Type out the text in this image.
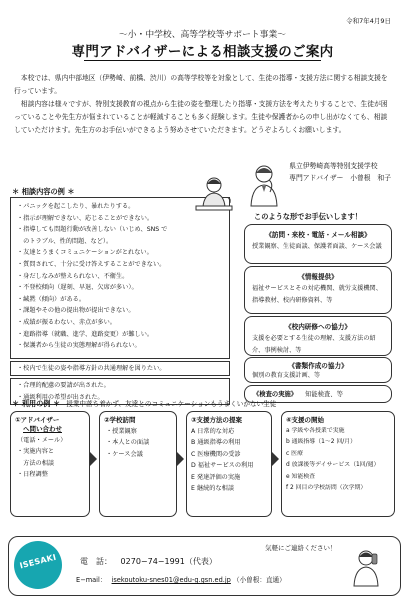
令和7年4月9日
〜小・中学校、高等学校等サポート事業〜
専門アドバイザーによる相談支援のご案内
本校では、県内中部地区（伊勢崎、前橋、渋川）の高等学校等を対象として、生徒の指導・支援方法に関する相談支援を行っています。
相談内容は様々ですが、特別支援教育の視点から生徒の姿を整理したり指導・支援方法を考えたりすることで、生徒が困っていることや先生方が悩まれていることが軽減することも多く経験します。生徒や保護者からの申し出がなくても、相談していただけます。先生方のお手伝いができるよう努めさせていただきます。どうぞよろしくお願いします。
県立伊勢崎高等特別支援学校
専門アドバイザー　小曾根　和子
＊ 相談内容の例 ＊
・パニックを起こしたり、暴れたりする。
・指示が理解できない、応じることができない。
・指導しても問題行動が改善しない（いじめ、SNS で
　のトラブル、性的問題、など）。
・友達とうまくコミュニケーションがとれない。
・質問されて、十分に受け答えすることができない。
・身だしなみが整えられない、不衛生。
・不登校傾向（遅刻、早退、欠席が多い）。
・緘黙（傾向）がある。
・課題やその他の提出物が提出できない。
・成績が振るわない、赤点が多い。
・進路指導（就職、進学、進路変更）が難しい。
・保護者から生徒の実態理解が得られない。
・校内で生徒の姿や指導方針の共通理解を図りたい。
・合理的配慮の要請が出された。
・通級利用の希望が出された。
このような形でお手伝いします！
《訪問・来校・電話・メール相談》
授業観察、生徒面談、保護者面談、ケース会議
《情報提供》
福祉サービスとその対応機関、就労支援機関、指導教材、校内研修資料、等
《校内研修への協力》
支援を必要とする生徒の理解、支援方法の紹介、事例検討、等
《書類作成の協力》
個別の教育支援計画、等
《検査の実施》 知能検査、等
＊ 利用の例 ＊ 授業中落ち着かず、友達とのコミュニケーションもうまくいかない生徒
①アドバイザー
へ問い合わせ
（電話・メール）
・実施内容と
　方法の相談
・日程調整
②学校訪問
・授業観察
・本人との面談
・ケース会議
③支援方法の提案
A 日常的な対応
B 通級指導の利用
C 医療機関の受診
D 福祉サービスの利用
E 発達評価の実施
E 継続的な相談
④支援の開始
a 学級や各授業で実施
b 通級指導（1〜2 回/月）
c 医療
d 放課後等デイサービス（1回/週）
e 知能検査
f 2 回目の学校訪問（次学期）
ISESAKI
気軽にご連絡ください！
電　話： 0270−74−1991（代表）
E−mail： isekoutoku-snes01@edu-g.gsn.ed.jp （小曽根：直通）
